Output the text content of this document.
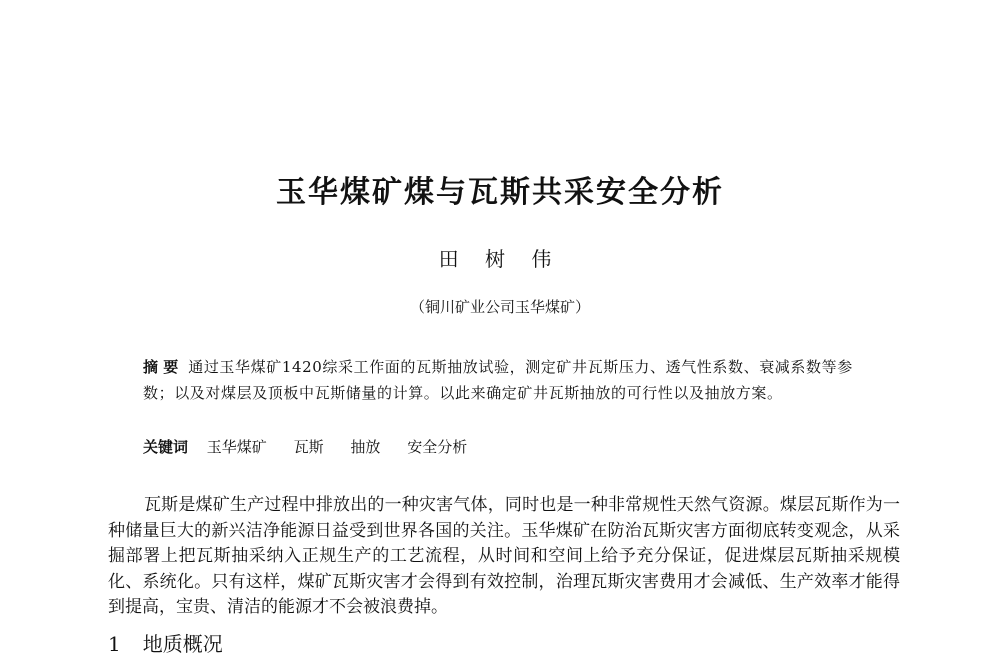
玉华煤矿煤与瓦斯共采安全分析
田 树 伟
（铜川矿业公司玉华煤矿）
摘 要 通过玉华煤矿1420综采工作面的瓦斯抽放试验，测定矿井瓦斯压力、透气性系数、衰减系数等参数；以及对煤层及顶板中瓦斯储量的计算。以此来确定矿井瓦斯抽放的可行性以及抽放方案。
关键词 玉华煤矿 瓦斯 抽放 安全分析
瓦斯是煤矿生产过程中排放出的一种灾害气体，同时也是一种非常规性天然气资源。煤层瓦斯作为一种储量巨大的新兴洁净能源日益受到世界各国的关注。玉华煤矿在防治瓦斯灾害方面彻底转变观念，从采掘部署上把瓦斯抽采纳入正规生产的工艺流程，从时间和空间上给予充分保证，促进煤层瓦斯抽采规模化、系统化。只有这样，煤矿瓦斯灾害才会得到有效控制，治理瓦斯灾害费用才会减低、生产效率才能得到提高，宝贵、清洁的能源才不会被浪费掉。
1 地质概况
